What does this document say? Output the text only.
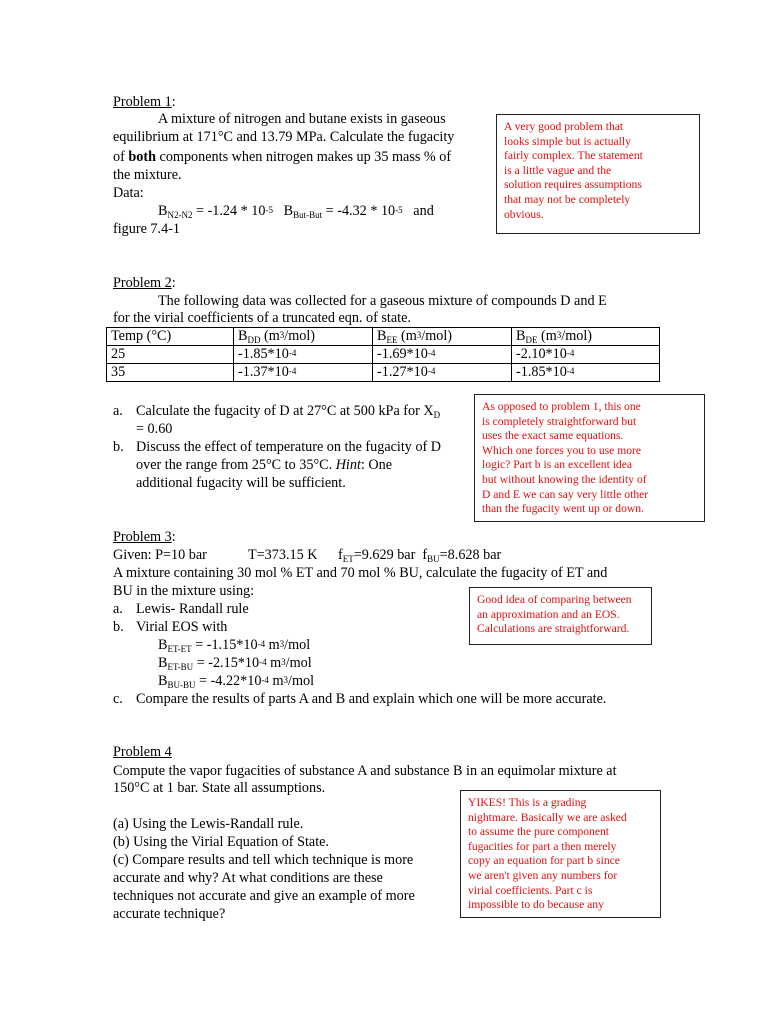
Problem 1:
A mixture of nitrogen and butane exists in gaseous
equilibrium at 171°C and 13.79 MPa. Calculate the fugacity
of both components when nitrogen makes up 35 mass % of
the mixture.
Data:
$B_{N2-N2} = -1.24 * 10^{-5}$ $B_{But-But} = -4.32 * 10^{-5}$ and
figure 7.4-1
A very good problem that
looks simple but is actually
fairly complex. The statement
is a little vague and the
solution requires assumptions
that may not be completely
obvious.
Problem 2:
The following data was collected for a gaseous mixture of compounds D and E
for the virial coefficients of a truncated eqn. of state.
Temp (°C)	$B_{DD}$ $(m^3/mol)$	$B_{EE}$ $(m^3/mol)$	$B_{DE}$ $(m^3/mol)$
25	$-1.85*10^{-4}$	$-1.69*10^{-4}$	$-2.10*10^{-4}$
35	$-1.37*10^{-4}$	$-1.27*10^{-4}$	$-1.85*10^{-4}$
a. Calculate the fugacity of D at 27°C at 500 kPa for $X_D$
= 0.60
b. Discuss the effect of temperature on the fugacity of D
over the range from 25°C to 35°C. Hint: One
additional fugacity will be sufficient.
As opposed to problem 1, this one
is completely straightforward but
uses the exact same equations.
Which one forces you to use more
logic? Part b is an excellent idea
but without knowing the identity of
D and E we can say very little other
than the fugacity went up or down.
Problem 3:
Given: P=10 bar	T=373.15 K $f_{ET}=9.629$ bar $f_{BU}=8.628$ bar
A mixture containing 30 mol % ET and 70 mol % BU, calculate the fugacity of ET and
BU in the mixture using:
a. Lewis- Randall rule
b. Virial EOS with
$B_{ET-ET} = -1.15*10^{-4}$ $m^3$/mol
$B_{ET-BU} = -2.15*10^{-4}$ $m^3$/mol
$B_{BU-BU} = -4.22*10^{-4}$ $m^3$/mol
c. Compare the results of parts A and B and explain which one will be more accurate.
Good idea of comparing between
an approximation and an EOS.
Calculations are straightforward.
Problem 4
Compute the vapor fugacities of substance A and substance B in an equimolar mixture at
150°C at 1 bar. State all assumptions.
(a) Using the Lewis-Randall rule.
(b) Using the Virial Equation of State.
(c) Compare results and tell which technique is more
accurate and why? At what conditions are these
techniques not accurate and give an example of more
accurate technique?
YIKES! This is a grading
nightmare. Basically we are asked
to assume the pure component
fugacities for part a then merely
copy an equation for part b since
we aren't given any numbers for
virial coefficients. Part c is
impossible to do because any
